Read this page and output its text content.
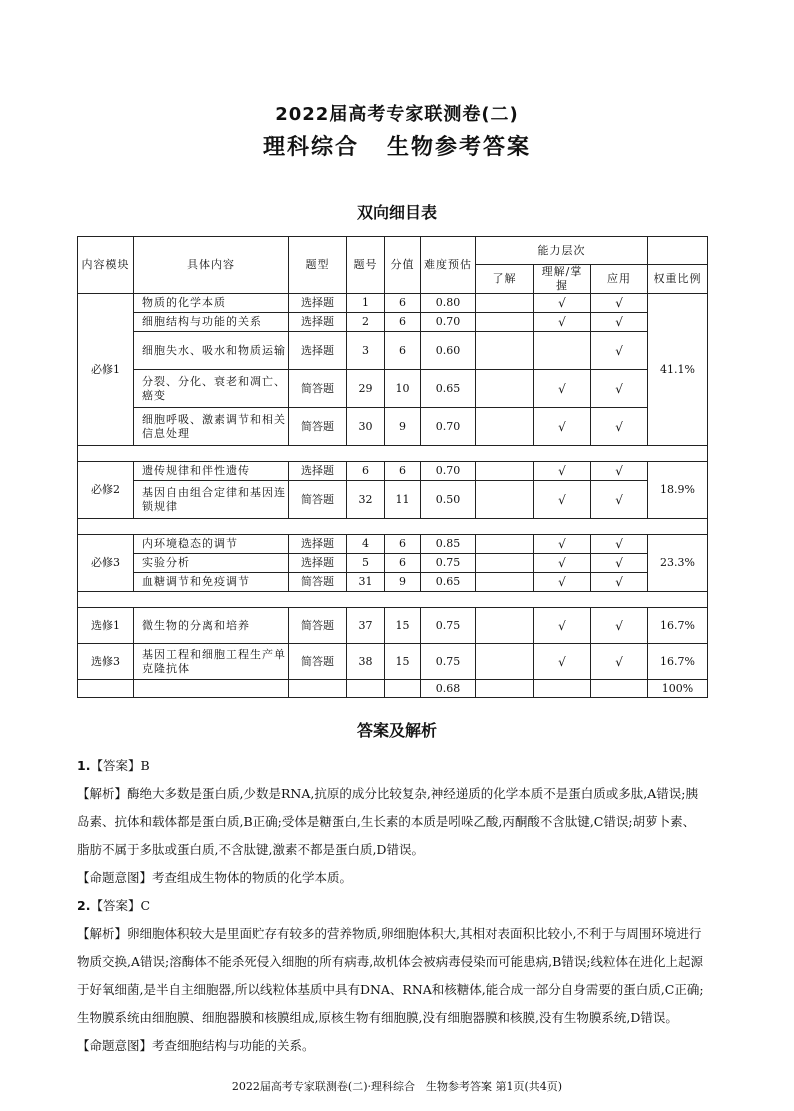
2022届高考专家联测卷(二)
理科综合 生物参考答案
双向细目表
内容模块	具体内容	题型	题号	分值	难度预估	能力层次			
						了解	理解/掌握	应用	权重比例
必修1	物质的化学本质	选择题	1	6	0.80		√	√	41.1%
	细胞结构与功能的关系	选择题	2	6	0.70		√	√	
	细胞失水、吸水和物质运输	选择题	3	6	0.60			√	
	分裂、分化、衰老和凋亡、癌变	简答题	29	10	0.65		√	√	
	细胞呼吸、激素调节和相关信息处理	简答题	30	9	0.70		√	√	

必修2	遗传规律和伴性遗传	选择题	6	6	0.70		√	√	18.9%
	基因自由组合定律和基因连锁规律	简答题	32	11	0.50		√	√	

必修3	内环境稳态的调节	选择题	4	6	0.85		√	√	23.3%
	实验分析	选择题	5	6	0.75		√	√	
	血糖调节和免疫调节	简答题	31	9	0.65		√	√	

选修1	微生物的分离和培养	简答题	37	15	0.75		√	√	16.7%
选修3	基因工程和细胞工程生产单克隆抗体	简答题	38	15	0.75		√	√	16.7%
					0.68				100%
答案及解析
1.【答案】B
【解析】酶绝大多数是蛋白质,少数是RNA,抗原的成分比较复杂,神经递质的化学本质不是蛋白质或多肽,A错误;胰岛素、抗体和载体都是蛋白质,B正确;受体是糖蛋白,生长素的本质是吲哚乙酸,丙酮酸不含肽键,C错误;胡萝卜素、脂肪不属于多肽或蛋白质,不含肽键,激素不都是蛋白质,D错误。
【命题意图】考查组成生物体的物质的化学本质。
2.【答案】C
【解析】卵细胞体积较大是里面贮存有较多的营养物质,卵细胞体积大,其相对表面积比较小,不利于与周围环境进行物质交换,A错误;溶酶体不能杀死侵入细胞的所有病毒,故机体会被病毒侵染而可能患病,B错误;线粒体在进化上起源于好氧细菌,是半自主细胞器,所以线粒体基质中具有DNA、RNA和核糖体,能合成一部分自身需要的蛋白质,C正确;生物膜系统由细胞膜、细胞器膜和核膜组成,原核生物有细胞膜,没有细胞器膜和核膜,没有生物膜系统,D错误。
【命题意图】考查细胞结构与功能的关系。
2022届高考专家联测卷(二)·理科综合　生物参考答案 第1页(共4页)
